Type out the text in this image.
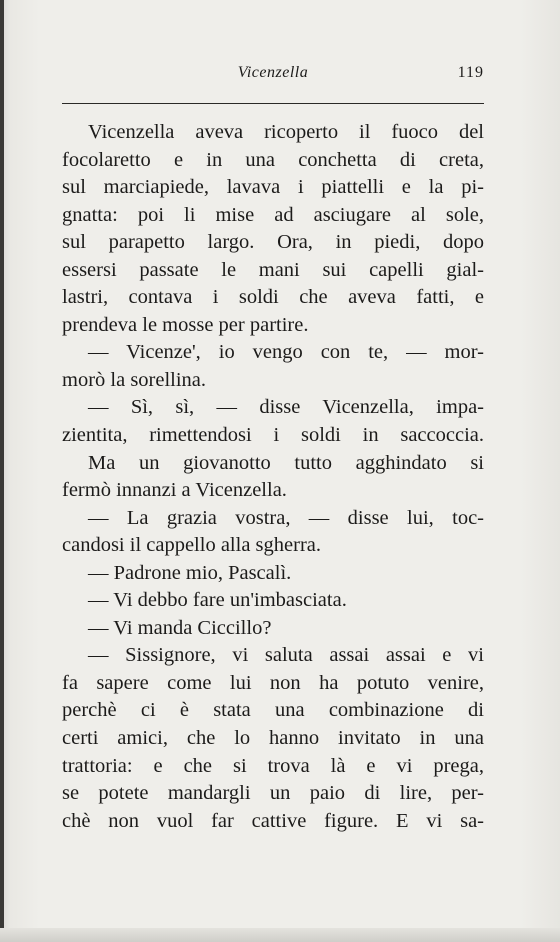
Vicenzella	119
Vicenzella aveva ricoperto il fuoco del
focolaretto e in una conchetta di creta,
sul marciapiede, lavava i piattelli e la pi-
gnatta: poi li mise ad asciugare al sole,
sul parapetto largo. Ora, in piedi, dopo
essersi passate le mani sui capelli gial-
lastri, contava i soldi che aveva fatti, e
prendeva le mosse per partire.
— Vicenze', io vengo con te, — mor-
morò la sorellina.
— Sì, sì, — disse Vicenzella, impa-
zientita, rimettendosi i soldi in saccoccia.
Ma un giovanotto tutto agghindato si
fermò innanzi a Vicenzella.
— La grazia vostra, — disse lui, toc-
candosi il cappello alla sgherra.
— Padrone mio, Pascalì.
— Vi debbo fare un'imbasciata.
— Vi manda Ciccillo?
— Sissignore, vi saluta assai assai e vi
fa sapere come lui non ha potuto venire,
perchè ci è stata una combinazione di
certi amici, che lo hanno invitato in una
trattoria: e che si trova là e vi prega,
se potete mandargli un paio di lire, per-
chè non vuol far cattive figure. E vi sa-
